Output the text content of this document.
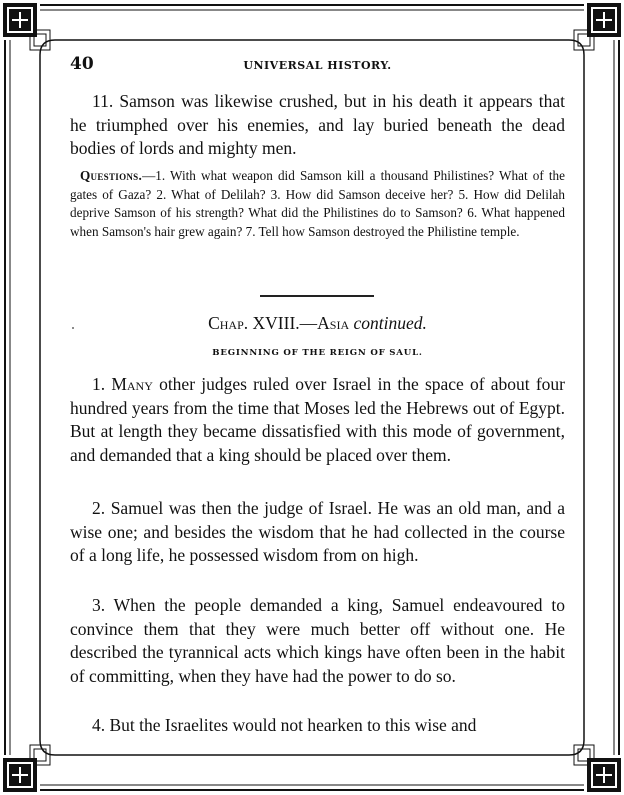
40	UNIVERSAL HISTORY.

11. Samson was likewise crushed, but in his death it appears that he triumphed over his enemies, and lay buried beneath the dead bodies of lords and mighty men.

Questions.—1. With what weapon did Samson kill a thousand Philistines? What of the gates of Gaza? 2. What of Delilah? 3. How did Samson deceive her? 5. How did Delilah deprive Samson of his strength? What did the Philistines do to Samson? 6. What happened when Samson's hair grew again? 7. Tell how Samson destroyed the Philistine temple.

Chap. XVIII.—Asia continued.
BEGINNING OF THE REIGN OF SAUL.

1. Many other judges ruled over Israel in the space of about four hundred years from the time that Moses led the Hebrews out of Egypt. But at length they became dissatisfied with this mode of government, and demanded that a king should be placed over them.

2. Samuel was then the judge of Israel. He was an old man, and a wise one; and besides the wisdom that he had collected in the course of a long life, he possessed wisdom from on high.

3. When the people demanded a king, Samuel endeavoured to convince them that they were much better off without one. He described the tyrannical acts which kings have often been in the habit of committing, when they have had the power to do so.

4. But the Israelites would not hearken to this wise and
